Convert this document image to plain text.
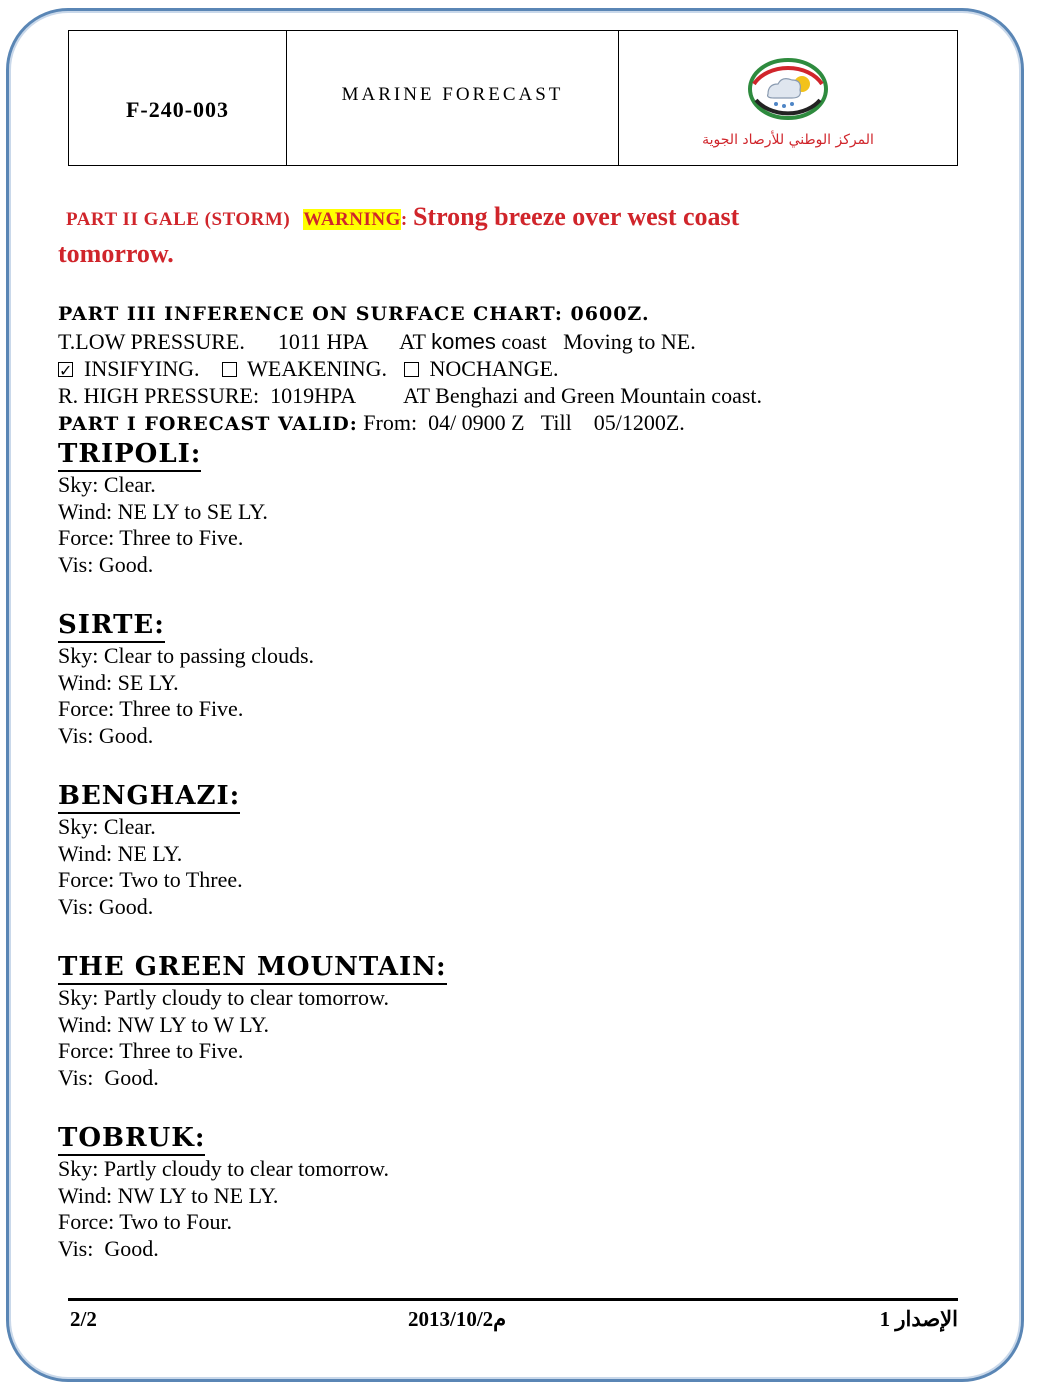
F-240-003
MARINE FORECAST
المركز الوطني للأرصاد الجوية

PART II GALE (STORM) WARNING: Strong breeze over west coast
tomorrow.

PART III INFERENCE ON SURFACE CHART: 0600Z.

T.LOW PRESSURE. 1011 HPA AT komes coast Moving to NE.

✓  INSIFYING. WEAKENING. NOCHANGE.

R. HIGH PRESSURE: 1019HPA AT Benghazi and Green Mountain coast.

PART I FORECAST VALID: From: 04/ 0900 Z Till 05/1200Z.

TRIPOLI:

Sky: Clear.

Wind: NE LY to SE LY.

Force: Three to Five.

Vis: Good.

SIRTE:

Sky: Clear to passing clouds.

Wind: SE LY.

Force: Three to Five.

Vis: Good.

BENGHAZI:

Sky: Clear.

Wind: NE LY.

Force: Two to Three.

Vis: Good.

THE GREEN MOUNTAIN:

Sky: Partly cloudy to clear tomorrow.

Wind: NW LY to W LY.

Force: Three to Five.

Vis:  Good.

TOBRUK:

Sky: Partly cloudy to clear tomorrow.

Wind: NW LY to NE LY.

Force: Two to Four.

Vis:  Good.

2/2	2013/10/2م	الإصدار 1
